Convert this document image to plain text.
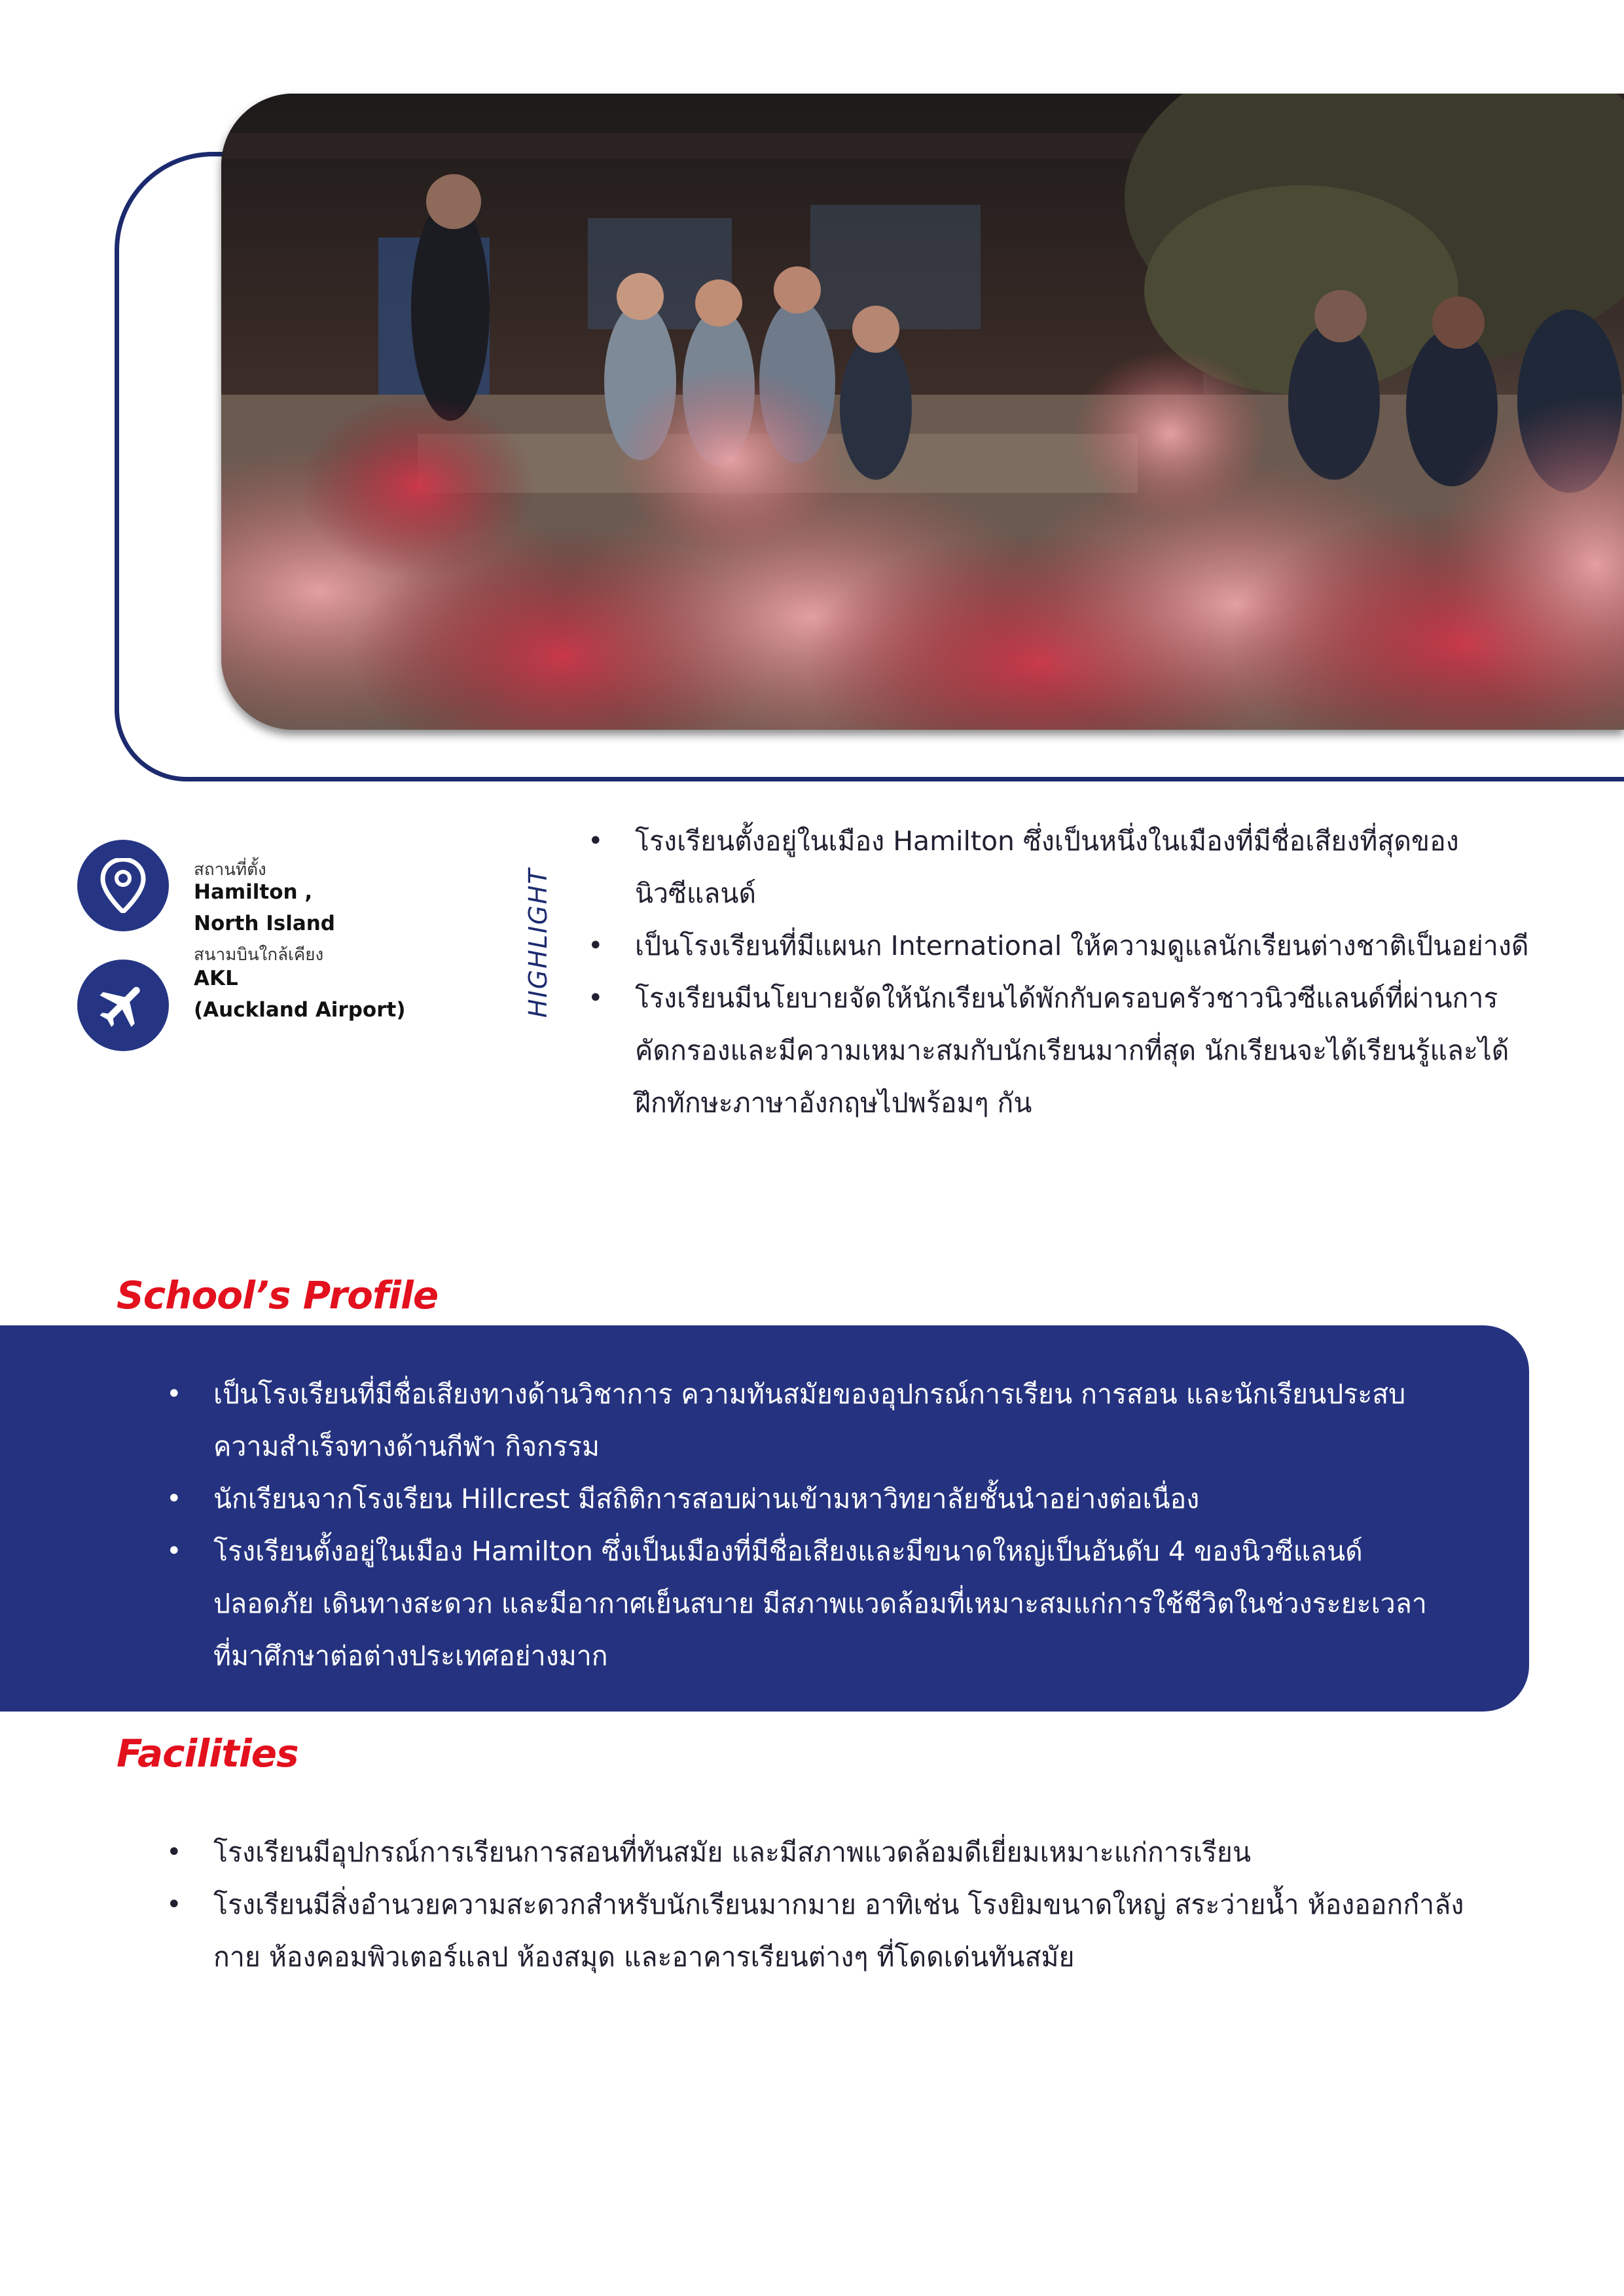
สถานที่ตั้ง
Hamilton ,
North Island
สนามบินใกล้เคียง
AKL
(Auckland Airport)	HIGHLIGHT
• โรงเรียนตั้งอยู่ในเมือง Hamilton ซึ่งเป็นหนึ่งในเมืองที่มีชื่อเสียงที่สุดของนิวซีแลนด์
• เป็นโรงเรียนที่มีแผนก International ให้ความดูแลนักเรียนต่างชาติเป็นอย่างดี
• โรงเรียนมีนโยบายจัดให้นักเรียนได้พักกับครอบครัวชาวนิวซีแลนด์ที่ผ่านการคัดกรองและมีความเหมาะสมกับนักเรียนมากที่สุด นักเรียนจะได้เรียนรู้และได้ฝึกทักษะภาษาอังกฤษไปพร้อมๆ กัน
School’s Profile
• เป็นโรงเรียนที่มีชื่อเสียงทางด้านวิชาการ ความทันสมัยของอุปกรณ์การเรียน การสอน และนักเรียนประสบความสำเร็จทางด้านกีฬา กิจกรรม
• นักเรียนจากโรงเรียน Hillcrest มีสถิติการสอบผ่านเข้ามหาวิทยาลัยชั้นนำอย่างต่อเนื่อง
• โรงเรียนตั้งอยู่ในเมือง Hamilton ซึ่งเป็นเมืองที่มีชื่อเสียงและมีขนาดใหญ่เป็นอันดับ 4 ของนิวซีแลนด์ ปลอดภัย เดินทางสะดวก และมีอากาศเย็นสบาย มีสภาพแวดล้อมที่เหมาะสมแก่การใช้ชีวิตในช่วงระยะเวลาที่มาศึกษาต่อต่างประเทศอย่างมาก
Facilities
• โรงเรียนมีอุปกรณ์การเรียนการสอนที่ทันสมัย และมีสภาพแวดล้อมดีเยี่ยมเหมาะแก่การเรียน
• โรงเรียนมีสิ่งอำนวยความสะดวกสำหรับนักเรียนมากมาย อาทิเช่น โรงยิมขนาดใหญ่ สระว่ายน้ำ ห้องออกกำลังกาย ห้องคอมพิวเตอร์แลป ห้องสมุด และอาคารเรียนต่างๆ ที่โดดเด่นทันสมัย
